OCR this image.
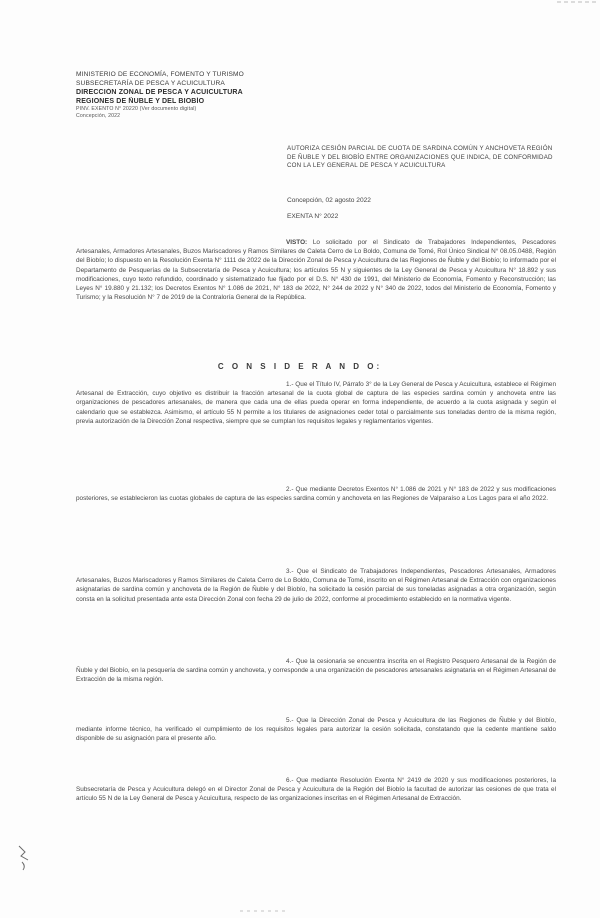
MINISTERIO DE ECONOMÍA, FOMENTO Y TURISMO
SUBSECRETARÍA DE PESCA Y ACUICULTURA
DIRECCIÓN ZONAL DE PESCA Y ACUICULTURA
REGIONES DE ÑUBLE Y DEL BIOBÍO
PINV. EXENTO N° 20220 (Ver documento digital)
Concepción, 2022
AUTORIZA CESIÓN PARCIAL DE CUOTA DE SARDINA COMÚN Y ANCHOVETA REGIÓN DE ÑUBLE Y DEL BIOBÍO ENTRE ORGANIZACIONES QUE INDICA, DE CONFORMIDAD CON LA LEY GENERAL DE PESCA Y ACUICULTURA
Concepción, 02 agosto 2022
EXENTA N° 2022

VISTO: Lo solicitado por el Sindicato de Trabajadores Independientes, Pescadores Artesanales, Armadores Artesanales, Buzos Mariscadores y Ramos Similares de Caleta Cerro de Lo Boldo, Comuna de Tomé, Rol Único Sindical N° 08.05.0488, Región del Biobío; lo dispuesto en la Resolución Exenta N° 1111 de 2022 de la Dirección Zonal de Pesca y Acuicultura de las Regiones de Ñuble y del Biobío; lo informado por el Departamento de Pesquerías de la Subsecretaría de Pesca y Acuicultura; los artículos 55 N y siguientes de la Ley General de Pesca y Acuicultura N° 18.892 y sus modificaciones, cuyo texto refundido, coordinado y sistematizado fue fijado por el D.S. N° 430 de 1991, del Ministerio de Economía, Fomento y Reconstrucción; las Leyes N° 19.880 y 21.132; los Decretos Exentos N° 1.086 de 2021, N° 183 de 2022, N° 244 de 2022 y N° 340 de 2022, todos del Ministerio de Economía, Fomento y Turismo; y la Resolución N° 7 de 2019 de la Contraloría General de la República.

C O N S I D E R A N D O:

1.- Que el Título IV, Párrafo 3° de la Ley General de Pesca y Acuicultura, establece el Régimen Artesanal de Extracción, cuyo objetivo es distribuir la fracción artesanal de la cuota global de captura de las especies sardina común y anchoveta entre las organizaciones de pescadores artesanales, de manera que cada una de ellas pueda operar en forma independiente, de acuerdo a la cuota asignada y según el calendario que se establezca. Asimismo, el artículo 55 N permite a los titulares de asignaciones ceder total o parcialmente sus toneladas dentro de la misma región, previa autorización de la Dirección Zonal respectiva, siempre que se cumplan los requisitos legales y reglamentarios vigentes.

2.- Que mediante Decretos Exentos N° 1.086 de 2021 y N° 183 de 2022 y sus modificaciones posteriores, se establecieron las cuotas globales de captura de las especies sardina común y anchoveta en las Regiones de Valparaíso a Los Lagos para el año 2022.

3.- Que el Sindicato de Trabajadores Independientes, Pescadores Artesanales, Armadores Artesanales, Buzos Mariscadores y Ramos Similares de Caleta Cerro de Lo Boldo, Comuna de Tomé, inscrito en el Régimen Artesanal de Extracción con organizaciones asignatarias de sardina común y anchoveta de la Región de Ñuble y del Biobío, ha solicitado la cesión parcial de sus toneladas asignadas a otra organización, según consta en la solicitud presentada ante esta Dirección Zonal con fecha 29 de julio de 2022, conforme al procedimiento establecido en la normativa vigente.

4.- Que la cesionaria se encuentra inscrita en el Registro Pesquero Artesanal de la Región de Ñuble y del Biobío, en la pesquería de sardina común y anchoveta, y corresponde a una organización de pescadores artesanales asignataria en el Régimen Artesanal de Extracción de la misma región.

5.- Que la Dirección Zonal de Pesca y Acuicultura de las Regiones de Ñuble y del Biobío, mediante informe técnico, ha verificado el cumplimiento de los requisitos legales para autorizar la cesión solicitada, constatando que la cedente mantiene saldo disponible de su asignación para el presente año.

6.- Que mediante Resolución Exenta N° 2419 de 2020 y sus modificaciones posteriores, la Subsecretaría de Pesca y Acuicultura delegó en el Director Zonal de Pesca y Acuicultura de la Región del Biobío la facultad de autorizar las cesiones de que trata el artículo 55 N de la Ley General de Pesca y Acuicultura, respecto de las organizaciones inscritas en el Régimen Artesanal de Extracción.
